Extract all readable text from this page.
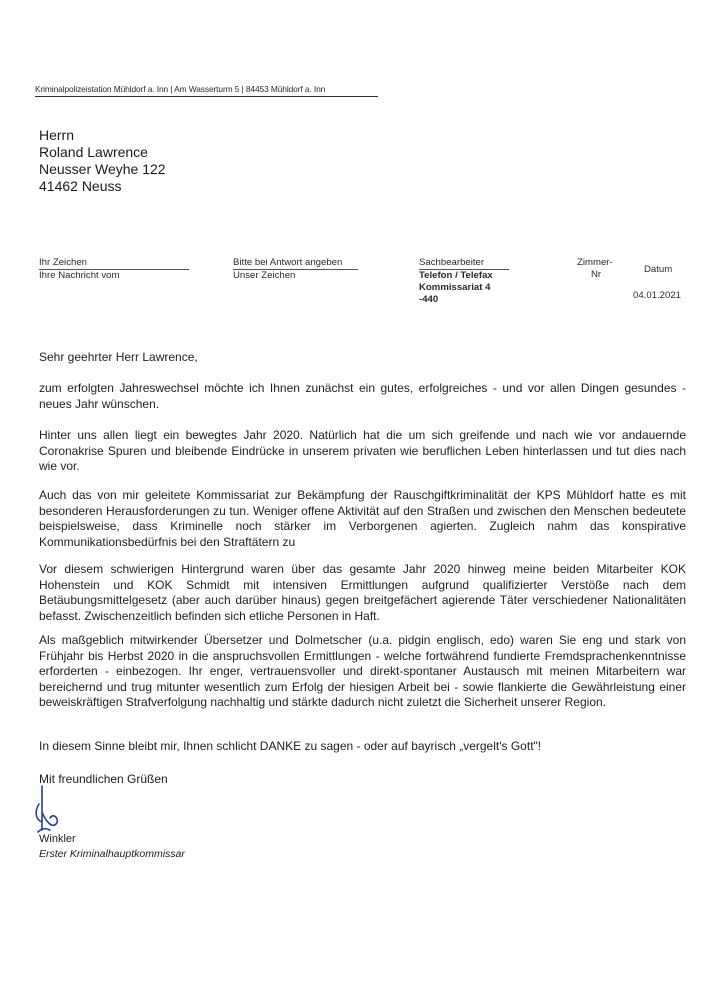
Kriminalpolizeistation Mühldorf a. Inn | Am Wasserturm 5 | 84453 Mühldorf a. Inn
Herrn
Roland Lawrence
Neusser Weyhe 122
41462 Neuss
Ihr Zeichen
Ihre Nachricht vom
Bitte bei Antwort angeben
Unser Zeichen
Sachbearbeiter
Telefon / Telefax
Kommissariat 4
-440
Zimmer-
Nr	Datum
04.01.2021
Sehr geehrter Herr Lawrence,
zum erfolgten Jahreswechsel möchte ich Ihnen zunächst ein gutes, erfolgreiches - und vor allen Dingen gesundes - neues Jahr wünschen.
Hinter uns allen liegt ein bewegtes Jahr 2020. Natürlich hat die um sich greifende und nach wie vor andauernde Coronakrise Spuren und bleibende Eindrücke in unserem privaten wie beruflichen Leben hinterlassen und tut dies nach wie vor.
Auch das von mir geleitete Kommissariat zur Bekämpfung der Rauschgiftkriminalität der KPS Mühldorf hatte es mit besonderen Herausforderungen zu tun. Weniger offene Aktivität auf den Straßen und zwischen den Menschen bedeutete beispielsweise, dass Kriminelle noch stärker im Verborgenen agierten. Zugleich nahm das konspirative Kommunikationsbedürfnis bei den Straftätern zu
Vor diesem schwierigen Hintergrund waren über das gesamte Jahr 2020 hinweg meine beiden Mitarbeiter KOK Hohenstein und KOK Schmidt mit intensiven Ermittlungen aufgrund qualifizierter Verstöße nach dem Betäubungsmittelgesetz (aber auch darüber hinaus) gegen breitgefächert agierende Täter verschiedener Nationalitäten befasst. Zwischenzeitlich befinden sich etliche Personen in Haft.
Als maßgeblich mitwirkender Übersetzer und Dolmetscher (u.a. pidgin englisch, edo) waren Sie eng und stark von Frühjahr bis Herbst 2020 in die anspruchsvollen Ermittlungen - welche fortwährend fundierte Fremdsprachenkenntnisse erforderten - einbezogen. Ihr enger, vertrauensvoller und direkt-spontaner Austausch mit meinen Mitarbeitern war bereichernd und trug mitunter wesentlich zum Erfolg der hiesigen Arbeit bei - sowie flankierte die Gewährleistung einer beweiskräftigen Strafverfolgung nachhaltig und stärkte dadurch nicht zuletzt die Sicherheit unserer Region.
In diesem Sinne bleibt mir, Ihnen schlicht DANKE zu sagen - oder auf bayrisch „vergelt's Gott"!
Mit freundlichen Grüßen
Winkler
Erster Kriminalhauptkommissar
